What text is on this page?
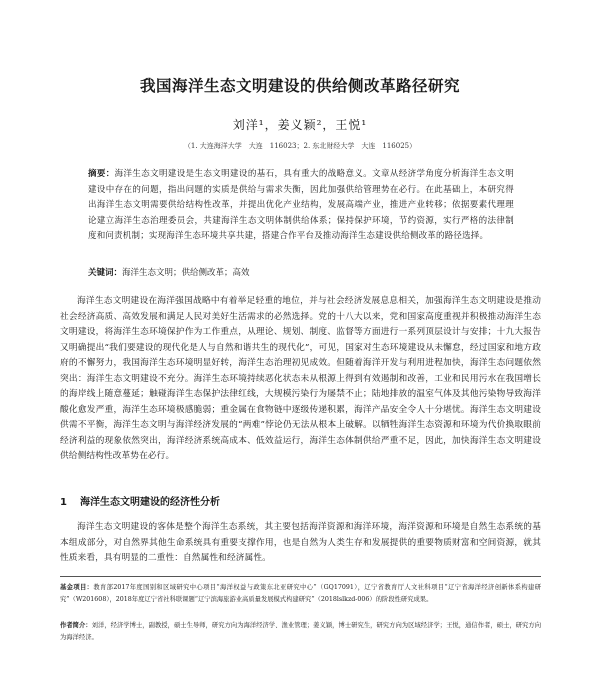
我国海洋生态文明建设的供给侧改革路径研究
刘洋¹，姜义颖²，王悦¹
（1. 大连海洋大学　大连　116023；2. 东北财经大学　大连　116025）
摘要：海洋生态文明建设是生态文明建设的基石，具有重大的战略意义。文章从经济学角度分析海洋生态文明建设中存在的问题，指出问题的实质是供给与需求失衡，因此加强供给管理势在必行。在此基础上，本研究得出海洋生态文明需要供给结构性改革，并提出优化产业结构，发展高端产业，推进产业转移；依据要素代理理论建立海洋生态治理委员会，共建海洋生态文明体制供给体系；保持保护环境，节约资源，实行严格的法律制度和问责机制；实现海洋生态环境共享共建，搭建合作平台及推动海洋生态建设供给侧改革的路径选择。
关键词：海洋生态文明；供给侧改革；高效
海洋生态文明建设在海洋强国战略中有着举足轻重的地位，并与社会经济发展息息相关，加强海洋生态文明建设是推动社会经济高质、高效发展和满足人民对美好生活需求的必然选择。党的十八大以来，党和国家高度重视并积极推动海洋生态文明建设，将海洋生态环境保护作为工作重点，从理论、规划、制度、监督等方面进行一系列顶层设计与安排；十九大报告又明确提出“我们要建设的现代化是人与自然和谐共生的现代化”，可见，国家对生态环境建设从未懈怠，经过国家和地方政府的不懈努力，我国海洋生态环境明显好转，海洋生态治理初见成效。但随着海洋开发与利用进程加快，海洋生态问题依然突出：海洋生态文明建设不充分。海洋生态环境持续恶化状态未从根源上得到有效遏制和改善，工业和民用污水在我国增长的海岸线上随意蔓延；触碰海洋生态保护法律红线，大规模污染行为屡禁不止；陆地排放的温室气体及其他污染物导致海洋酸化愈发严重，海洋生态环境极感脆弱；重金属在食物链中逐级传递积累，海洋产品安全令人十分堪忧。海洋生态文明建设供需不平衡，海洋生态文明与海洋经济发展的“两难”悖论仍无法从根本上破解。以牺牲海洋生态资源和环境为代价换取眼前经济利益的现象依然突出，海洋经济系统高成本、低效益运行，海洋生态体制供给严重不足，因此，加快海洋生态文明建设供给侧结构性改革势在必行。
1 海洋生态文明建设的经济性分析
海洋生态文明建设的客体是整个海洋生态系统，其主要包括海洋资源和海洋环境，海洋资源和环境是自然生态系统的基本组成部分，对自然界其他生命系统具有重要支撑作用，也是自然为人类生存和发展提供的重要物质财富和空间资源，就其性质来看，具有明显的二重性：自然属性和经济属性。
基金项目：教育部2017年度国别和区域研究中心项目“海洋权益与政策东北亚研究中心”（GQ17091），辽宁省教育厅人文社科项目“辽宁省海洋经济创新体系构建研究”（W201608），2018年度辽宁省社科联课题“辽宁滨海旅游业高质量发展模式构建研究”（2018lslkzd-006）的阶段性研究成果。
作者简介：刘洋，经济学博士，副教授，硕士生导师，研究方向为海洋经济学、渔业管理；姜义颖，博士研究生，研究方向为区域经济学；王悦，通信作者，硕士，研究方向为海洋经济。
